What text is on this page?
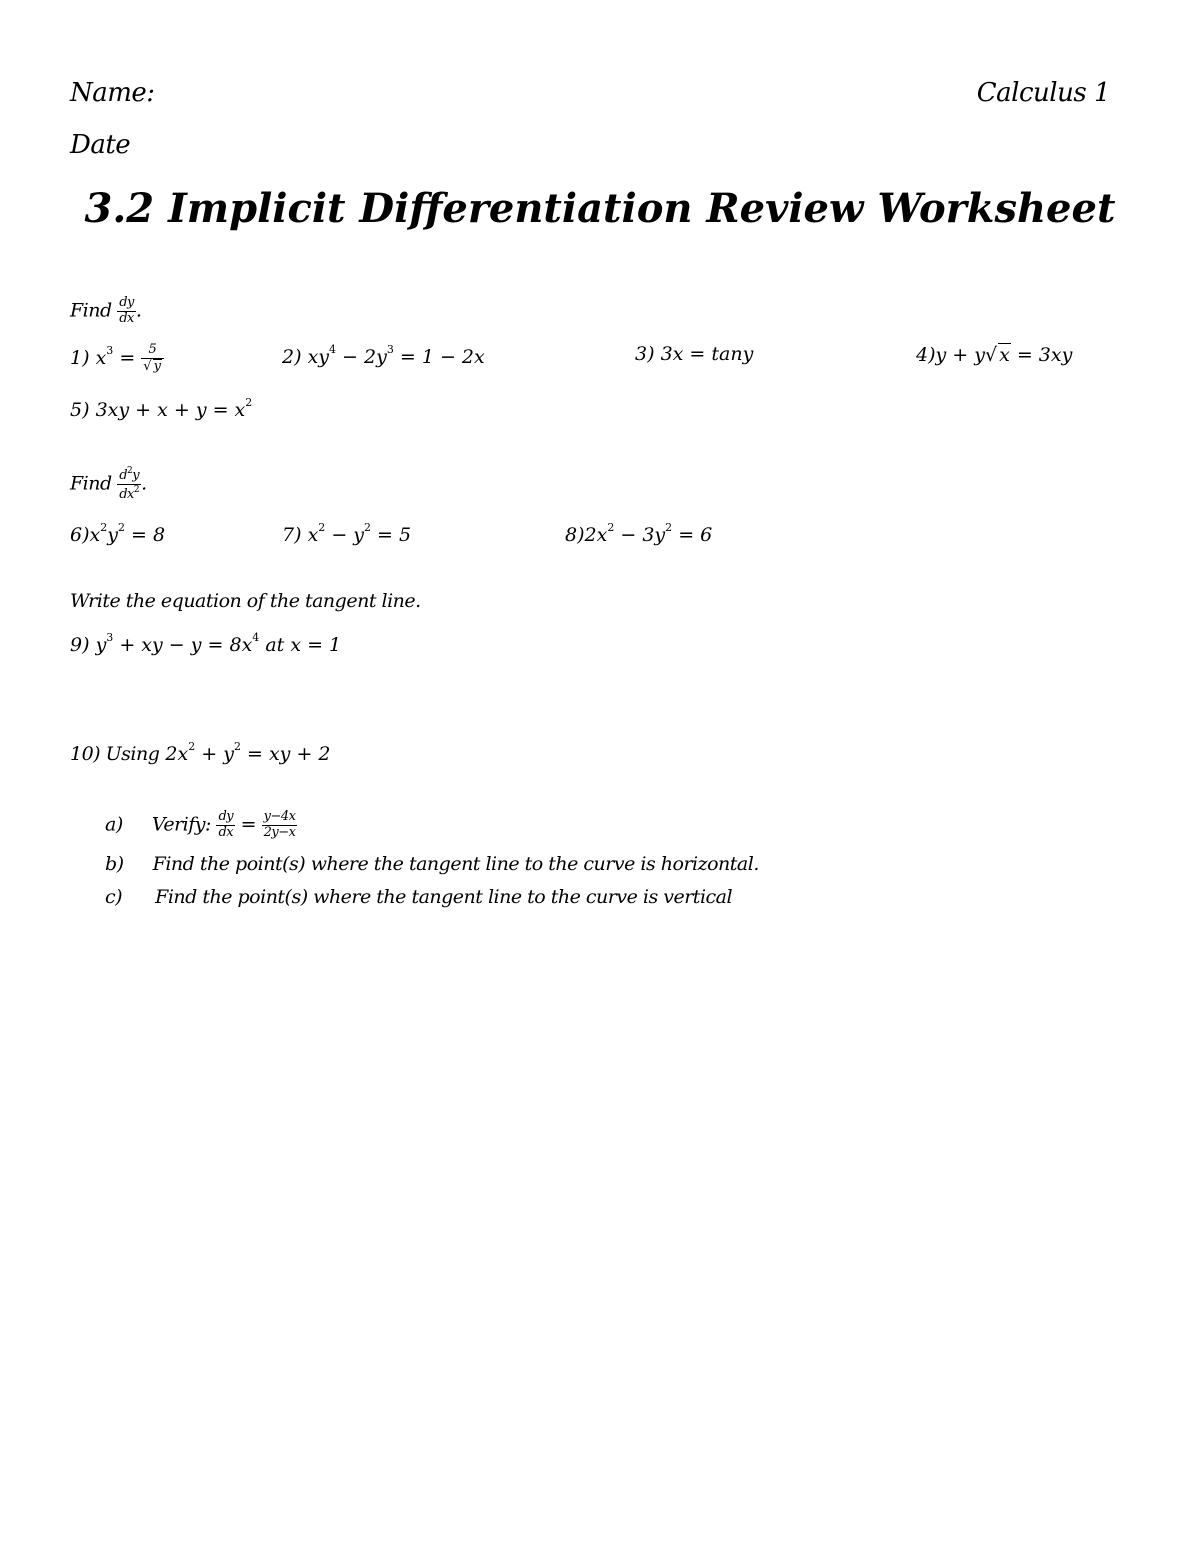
Name:	Calculus 1
Date
3.2 Implicit Differentiation Review Worksheet
Find $\frac{dy}{dx}$ .
1) $x^3 = \frac{5}{√ y}$	2) $xy^4 - 2y^3 = 1 - 2x$	3) 3x = tany	4)y + y√ x = 3xy
5) $3xy + x + y = x^2$
Find $\frac{d^2y}{dx^2}$ .
$6)x^2y^2 = 8$	7) $x^2 - y^2 = 5$	$8)2x^2 - 3y^2 = 6$
Write the equation of the tangent line.
9) $y^3$ + xy − $y = 8x^4$ at x = 1
10) Using $2x^2 + y^2$ = xy + 2
a) Verify: $\frac{dy}{dx} = \frac{y-4x}{2y-x}$
b) Find the point(s) where the tangent line to the curve is horizontal.
c) Find the point(s) where the tangent line to the curve is vertical
